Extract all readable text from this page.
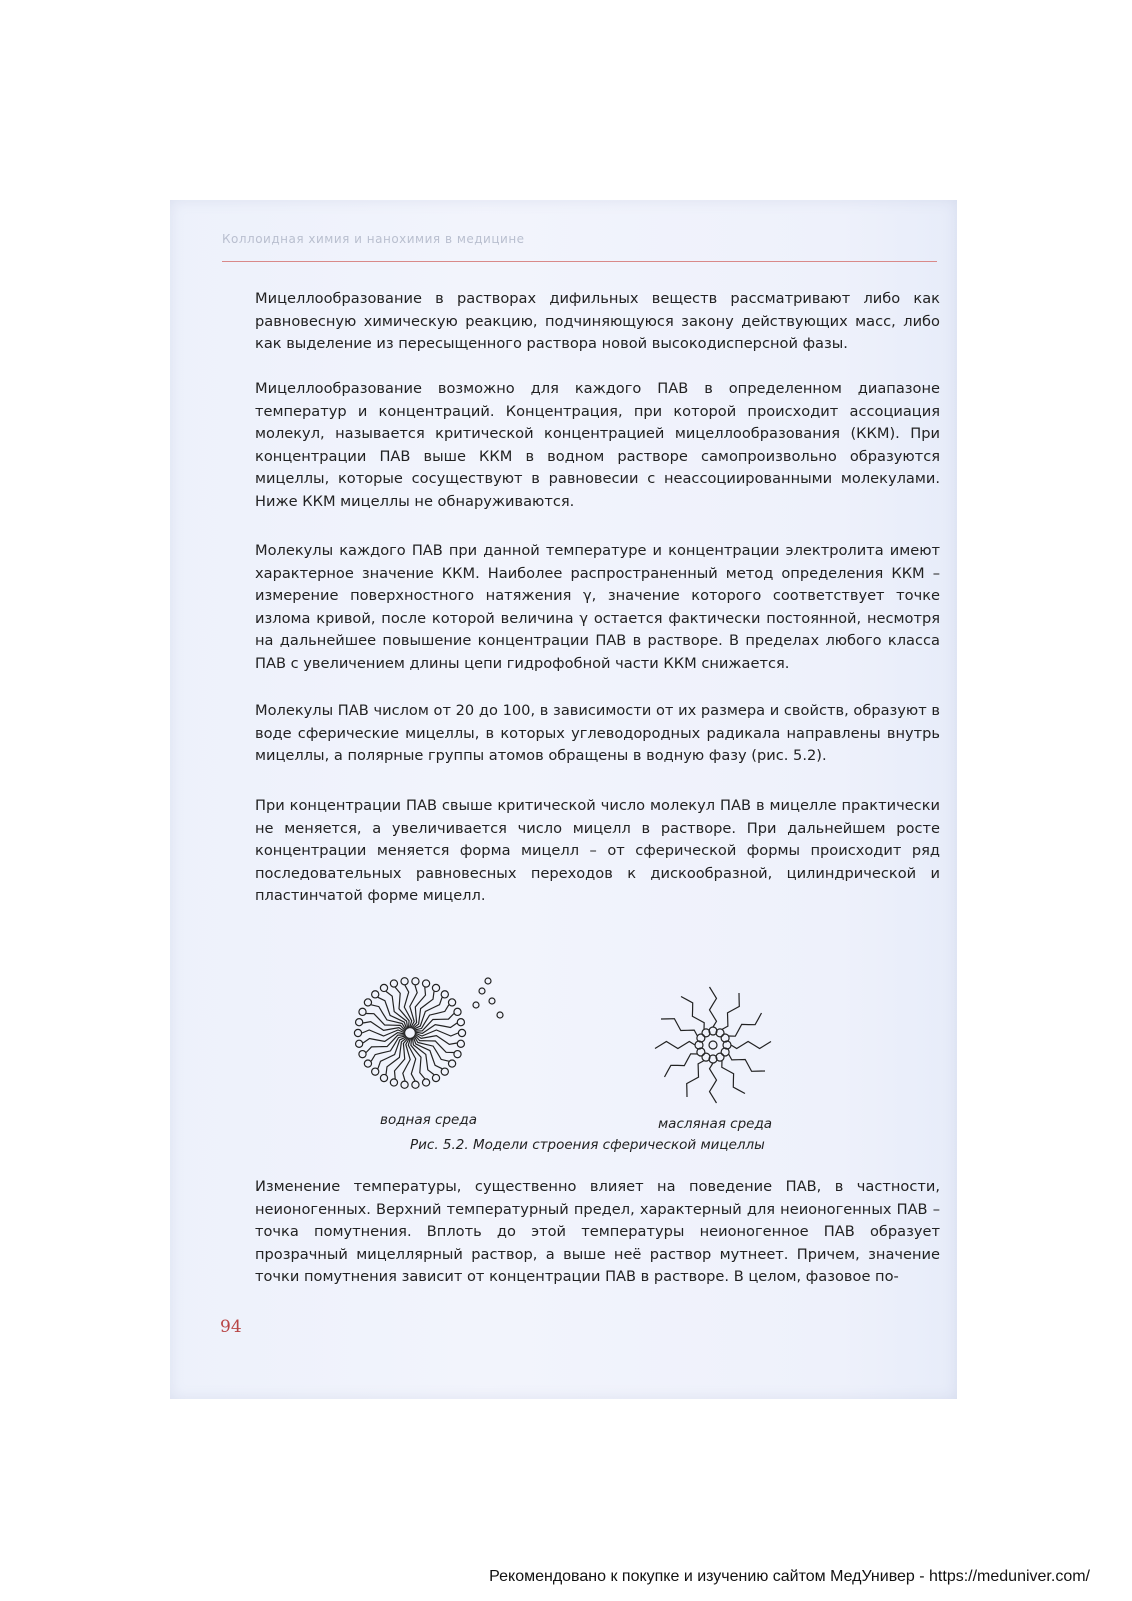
Коллоидная химия и нанохимия в медицине

Мицеллообразование в растворах дифильных веществ рассматривают либо как равновесную химическую реакцию, подчиняющуюся закону действующих масс, либо как выделение из пересыщенного раствора новой высокодисперсной фазы.

Мицеллообразование возможно для каждого ПАВ в определенном диапазоне температур и концентраций. Концентрация, при которой происходит ассоциация молекул, называется критической концентрацией мицеллообразования (ККМ). При концентрации ПАВ выше ККМ в водном растворе самопроизвольно образуются мицеллы, которые сосуществуют в равновесии с неассоциированными молекулами. Ниже ККМ мицеллы не обнаруживаются.

Молекулы каждого ПАВ при данной температуре и концентрации электролита имеют характерное значение ККМ. Наиболее распространенный метод определения ККМ – измерение поверхностного натяжения γ, значение которого соответствует точке излома кривой, после которой величина γ остается фактически постоянной, несмотря на дальнейшее повышение концентрации ПАВ в растворе. В пределах любого класса ПАВ с увеличением длины цепи гидрофобной части ККМ снижается.

Молекулы ПАВ числом от 20 до 100, в зависимости от их размера и свойств, образуют в воде сферические мицеллы, в которых углеводородных радикала направлены внутрь мицеллы, а полярные группы атомов обращены в водную фазу (рис. 5.2).

При концентрации ПАВ свыше критической число молекул ПАВ в мицелле практически не меняется, а увеличивается число мицелл в растворе. При дальнейшем росте концентрации меняется форма мицелл – от сферической формы происходит ряд последовательных равновесных переходов к дискообразной, цилиндрической и пластинчатой форме мицелл.

водная среда	масляная среда
Рис. 5.2. Модели строения сферической мицеллы

Изменение температуры, существенно влияет на поведение ПАВ, в частности, неионогенных. Верхний температурный предел, характерный для неионогенных ПАВ – точка помутнения. Вплоть до этой температуры неионогенное ПАВ образует прозрачный мицеллярный раствор, а выше неё раствор мутнеет. Причем, значение точки помутнения зависит от концентрации ПАВ в растворе. В целом, фазовое по-

94
Рекомендовано к покупке и изучению сайтом МедУнивер - https://meduniver.com/
